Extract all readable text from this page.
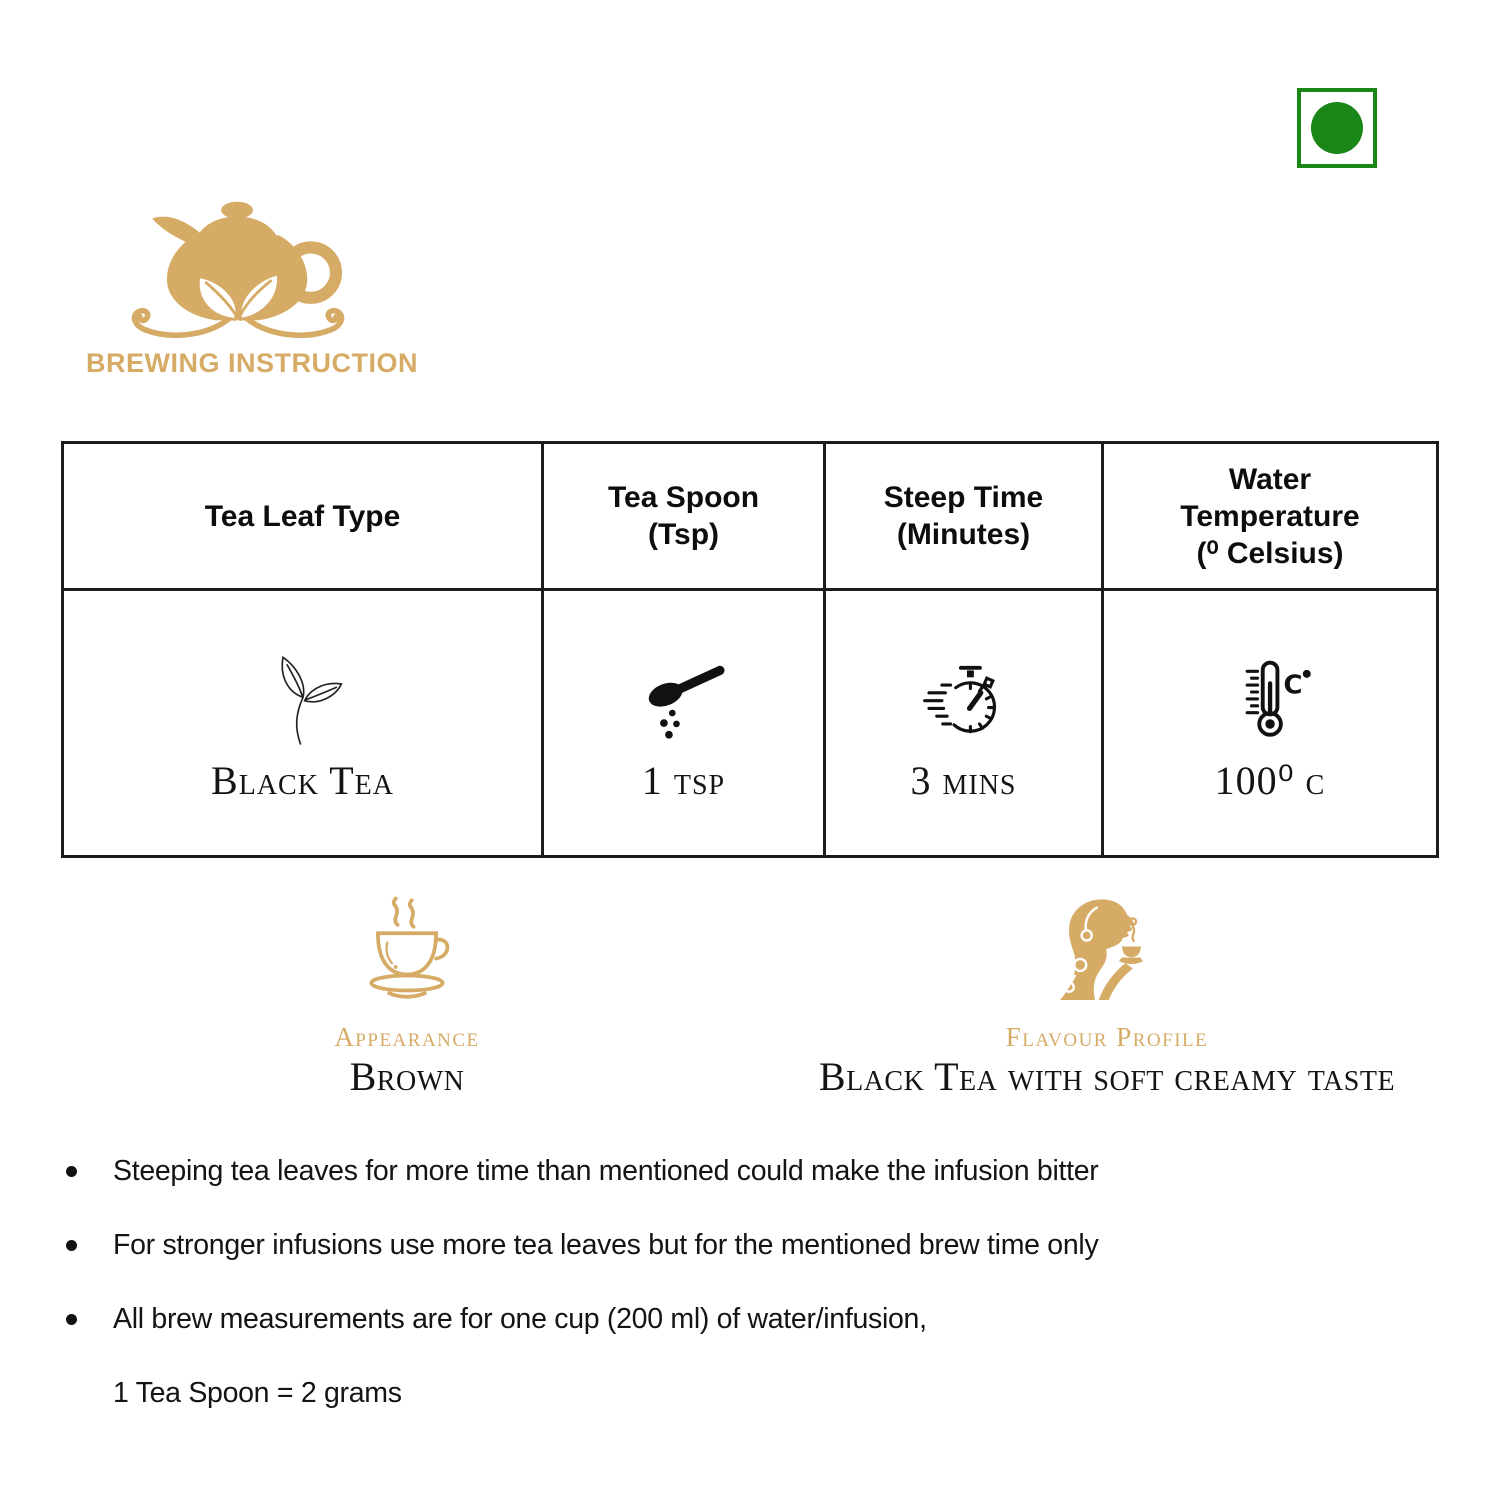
BREWING INSTRUCTION
Tea Leaf Type
Tea Spoon
(Tsp)
Steep Time
(Minutes)
Water
Temperature
(⁰ Celsius)
Black Tea	1 tsp	3 mins
C
100⁰ c
Appearance
Brown
Flavour Profile
Black Tea with soft creamy taste
Steeping tea leaves for more time than mentioned could make the infusion bitter
For stronger infusions use more tea leaves but for the mentioned brew time only
All brew measurements are for one cup (200 ml) of water/infusion,
1 Tea Spoon = 2 grams
